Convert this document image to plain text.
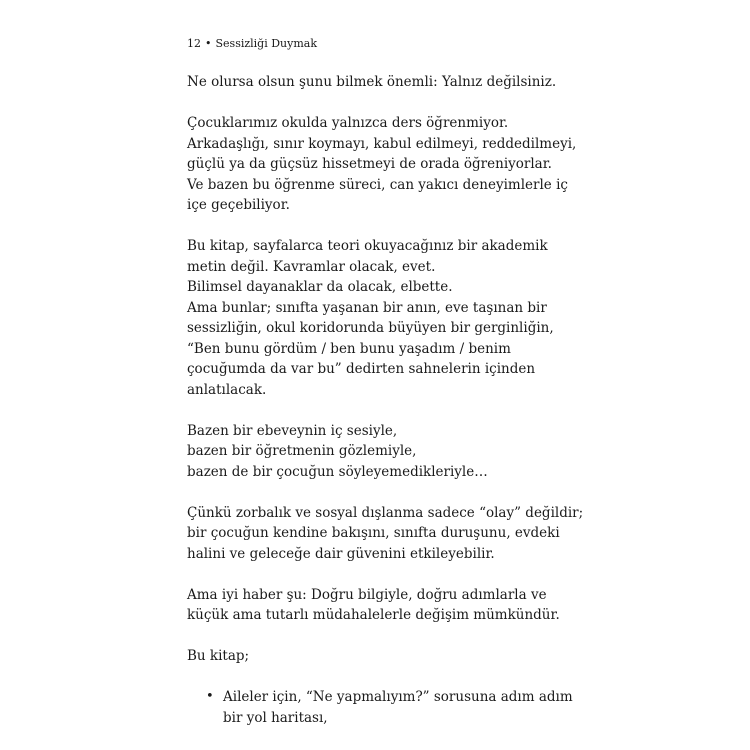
12 • Sessizliği Duymak
Ne olursa olsun şunu bilmek önemli: Yalnız değilsiniz.
Çocuklarımız okulda yalnızca ders öğrenmiyor.
Arkadaşlığı, sınır koymayı, kabul edilmeyi, reddedilmeyi,
güçlü ya da güçsüz hissetmeyi de orada öğreniyorlar.
Ve bazen bu öğrenme süreci, can yakıcı deneyimlerle iç
içe geçebiliyor.
Bu kitap, sayfalarca teori okuyacağınız bir akademik
metin değil. Kavramlar olacak, evet.
Bilimsel dayanaklar da olacak, elbette.
Ama bunlar; sınıfta yaşanan bir anın, eve taşınan bir
sessizliğin, okul koridorunda büyüyen bir gerginliğin,
“Ben bunu gördüm / ben bunu yaşadım / benim
çocuğumda da var bu” dedirten sahnelerin içinden
anlatılacak.
Bazen bir ebeveynin iç sesiyle,
bazen bir öğretmenin gözlemiyle,
bazen de bir çocuğun söyleyemedikleriyle…
Çünkü zorbalık ve sosyal dışlanma sadece “olay” değildir;
bir çocuğun kendine bakışını, sınıfta duruşunu, evdeki
halini ve geleceğe dair güvenini etkileyebilir.
Ama iyi haber şu: Doğru bilgiyle, doğru adımlarla ve
küçük ama tutarlı müdahalelerle değişim mümkündür.
Bu kitap;
• Aileler için, “Ne yapmalıyım?” sorusuna adım adım
bir yol haritası,
